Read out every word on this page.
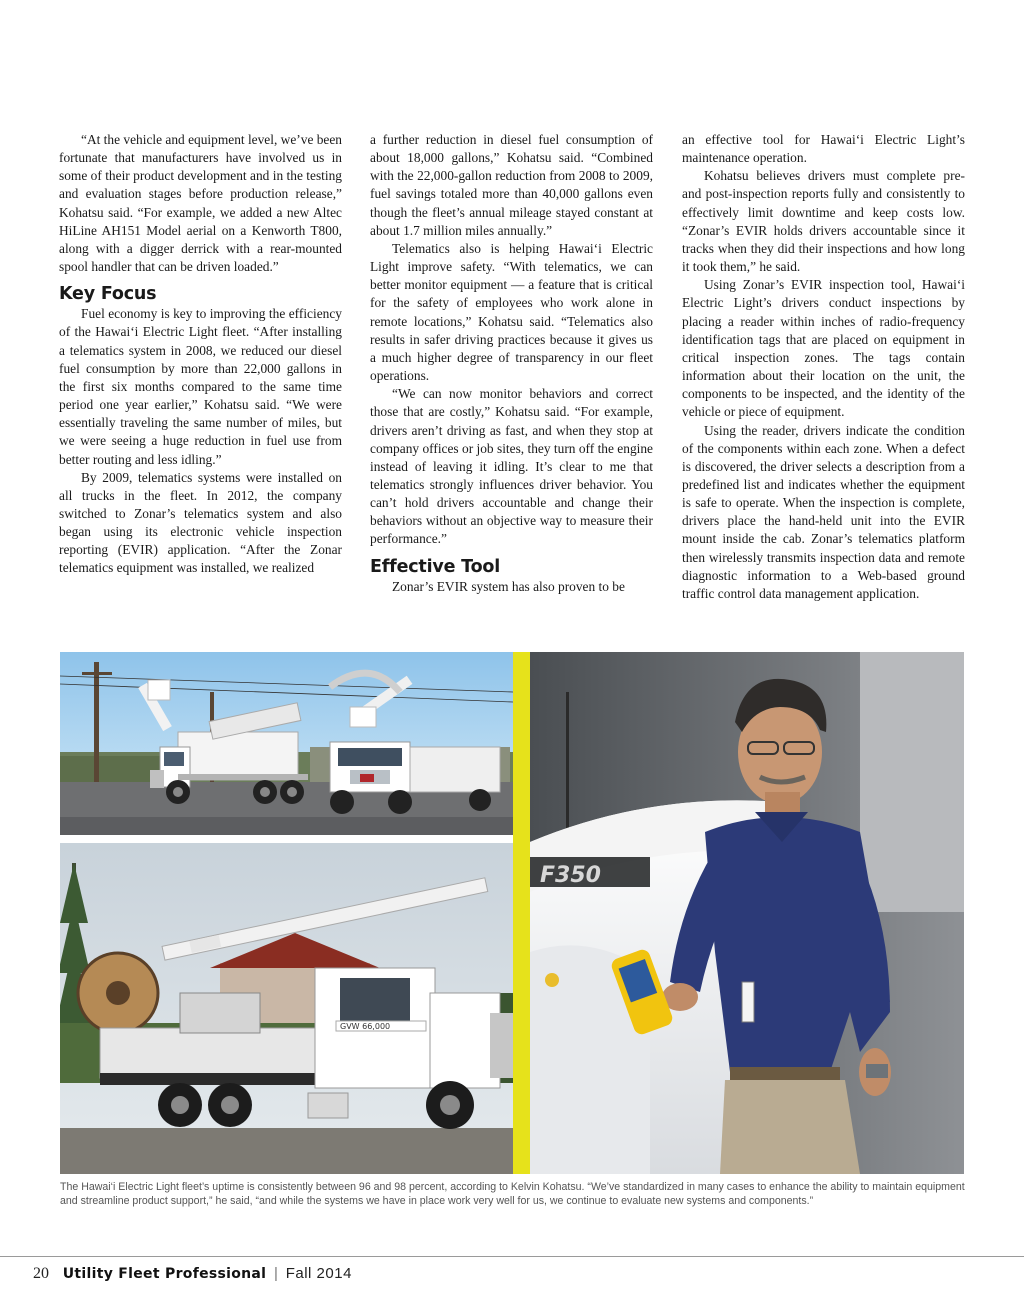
“At the vehicle and equipment level, we’ve been fortunate that manufacturers have involved us in some of their product development and in the testing and evaluation stages before production release,” Kohatsu said. “For example, we added a new Altec HiLine AH151 Model aerial on a Kenworth T800, along with a digger derrick with a rear-mounted spool handler that can be driven loaded.”

Key Focus

Fuel economy is key to improving the efficiency of the Hawai‘i Electric Light fleet. “After installing a telematics system in 2008, we reduced our diesel fuel consumption by more than 22,000 gallons in the first six months compared to the same time period one year earlier,” Kohatsu said. “We were essentially traveling the same number of miles, but we were seeing a huge reduction in fuel use from better routing and less idling.”

By 2009, telematics systems were installed on all trucks in the fleet. In 2012, the company switched to Zonar’s telematics system and also began using its electronic vehicle inspection reporting (EVIR) application. “After the Zonar telematics equipment was installed, we realized

a further reduction in diesel fuel consumption of about 18,000 gallons,” Kohatsu said. “Combined with the 22,000-gallon reduction from 2008 to 2009, fuel savings totaled more than 40,000 gallons even though the fleet’s annual mileage stayed constant at about 1.7 million miles annually.”

Telematics also is helping Hawai‘i Electric Light improve safety. “With telematics, we can better monitor equipment — a feature that is critical for the safety of employees who work alone in remote locations,” Kohatsu said. “Telematics also results in safer driving practices because it gives us a much higher degree of transparency in our fleet operations.

“We can now monitor behaviors and correct those that are costly,” Kohatsu said. “For example, drivers aren’t driving as fast, and when they stop at company offices or job sites, they turn off the engine instead of leaving it idling. It’s clear to me that telematics strongly influences driver behavior. You can’t hold drivers accountable and change their behaviors without an objective way to measure their performance.”

Effective Tool

Zonar’s EVIR system has also proven to be

an effective tool for Hawai‘i Electric Light’s maintenance operation.

Kohatsu believes drivers must complete pre- and post-inspection reports fully and consistently to effectively limit downtime and keep costs low. “Zonar’s EVIR holds drivers accountable since it tracks when they did their inspections and how long it took them,” he said.

Using Zonar’s EVIR inspection tool, Hawai‘i Electric Light’s drivers conduct inspections by placing a reader within inches of radio-frequency identification tags that are placed on equipment in critical inspection zones. The tags contain information about their location on the unit, the components to be inspected, and the identity of the vehicle or piece of equipment.

Using the reader, drivers indicate the condition of the components within each zone. When a defect is discovered, the driver selects a description from a predefined list and indicates whether the equipment is safe to operate. When the inspection is complete, drivers place the hand-held unit into the EVIR mount inside the cab. Zonar’s telematics platform then wirelessly transmits inspection data and remote diagnostic information to a Web-based ground traffic control data management application.

GVW 66,000
F350
The Hawai‘i Electric Light fleet’s uptime is consistently between 96 and 98 percent, according to Kelvin Kohatsu. “We’ve standardized in many cases to enhance the ability to maintain equipment and streamline product support,” he said, “and while the systems we have in place work very well for us, we continue to evaluate new systems and components.”
20 Utility Fleet Professional | Fall 2014
